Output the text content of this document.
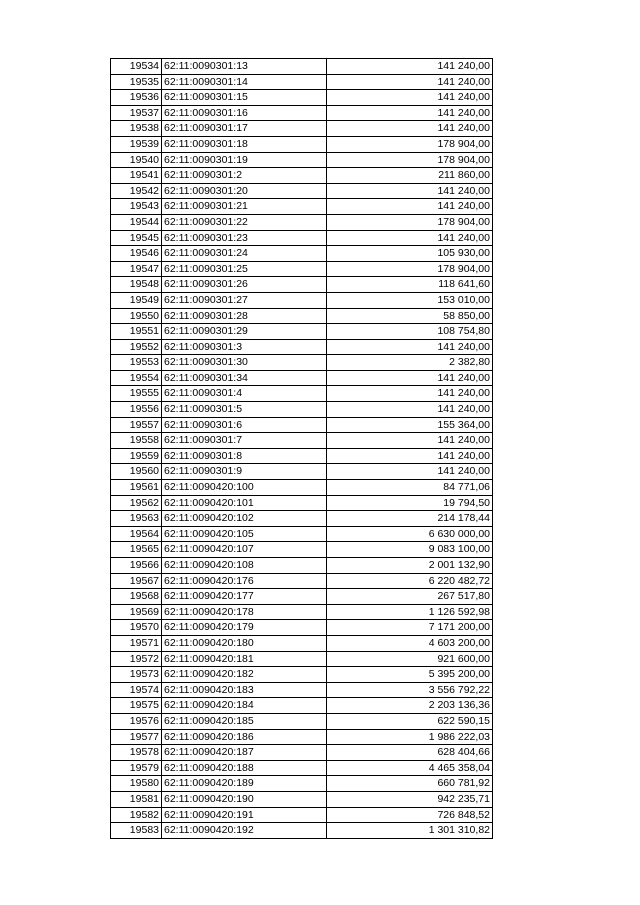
19534	62:11:0090301:13	141 240,00
19535	62:11:0090301:14	141 240,00
19536	62:11:0090301:15	141 240,00
19537	62:11:0090301:16	141 240,00
19538	62:11:0090301:17	141 240,00
19539	62:11:0090301:18	178 904,00
19540	62:11:0090301:19	178 904,00
19541	62:11:0090301:2	211 860,00
19542	62:11:0090301:20	141 240,00
19543	62:11:0090301:21	141 240,00
19544	62:11:0090301:22	178 904,00
19545	62:11:0090301:23	141 240,00
19546	62:11:0090301:24	105 930,00
19547	62:11:0090301:25	178 904,00
19548	62:11:0090301:26	118 641,60
19549	62:11:0090301:27	153 010,00
19550	62:11:0090301:28	58 850,00
19551	62:11:0090301:29	108 754,80
19552	62:11:0090301:3	141 240,00
19553	62:11:0090301:30	2 382,80
19554	62:11:0090301:34	141 240,00
19555	62:11:0090301:4	141 240,00
19556	62:11:0090301:5	141 240,00
19557	62:11:0090301:6	155 364,00
19558	62:11:0090301:7	141 240,00
19559	62:11:0090301:8	141 240,00
19560	62:11:0090301:9	141 240,00
19561	62:11:0090420:100	84 771,06
19562	62:11:0090420:101	19 794,50
19563	62:11:0090420:102	214 178,44
19564	62:11:0090420:105	6 630 000,00
19565	62:11:0090420:107	9 083 100,00
19566	62:11:0090420:108	2 001 132,90
19567	62:11:0090420:176	6 220 482,72
19568	62:11:0090420:177	267 517,80
19569	62:11:0090420:178	1 126 592,98
19570	62:11:0090420:179	7 171 200,00
19571	62:11:0090420:180	4 603 200,00
19572	62:11:0090420:181	921 600,00
19573	62:11:0090420:182	5 395 200,00
19574	62:11:0090420:183	3 556 792,22
19575	62:11:0090420:184	2 203 136,36
19576	62:11:0090420:185	622 590,15
19577	62:11:0090420:186	1 986 222,03
19578	62:11:0090420:187	628 404,66
19579	62:11:0090420:188	4 465 358,04
19580	62:11:0090420:189	660 781,92
19581	62:11:0090420:190	942 235,71
19582	62:11:0090420:191	726 848,52
19583	62:11:0090420:192	1 301 310,82
